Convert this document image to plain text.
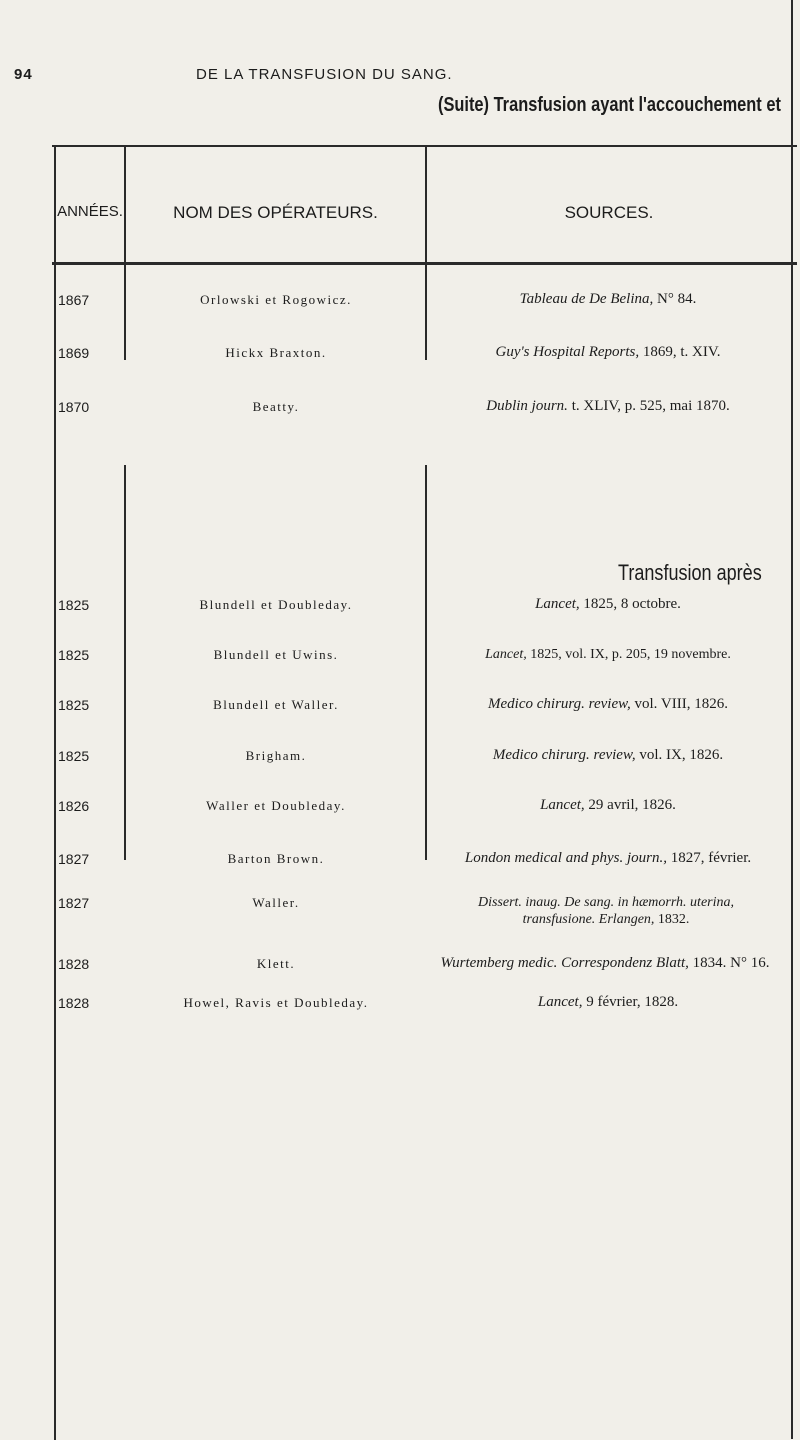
94	DE LA TRANSFUSION DU SANG.
(Suite) Transfusion ayant l'accouchement et
ANNÉES.	NOM DES OPÉRATEURS.	SOURCES.
1867	Orlowski et Rogowicz.	Tableau de De Belina, N° 84.
1869	Hickx Braxton.	Guy's Hospital Reports, 1869, t. XIV.
1870	Beatty.	Dublin journ. t. XLIV, p. 525, mai 1870.
Transfusion après
1825	Blundell et Doubleday.	Lancet, 1825, 8 octobre.
1825	Blundell et Uwins.	Lancet, 1825, vol. IX, p. 205, 19 novembre.
1825	Blundell et Waller.	Medico chirurg. review, vol. VIII, 1826.
1825	Brigham.	Medico chirurg. review, vol. IX, 1826.
1826	Waller et Doubleday.	Lancet, 29 avril, 1826.
1827	Barton Brown.	London medical and phys. journ., 1827, février.
1827	Waller.	Dissert. inaug. De sang. in hæmorrh. uterina, transfusione. Erlangen, 1832.
1828	Klett.	Wurtemberg medic. Correspondenz Blatt, 1834. N° 16.
1828	Howel, Ravis et Doubleday.	Lancet, 9 février, 1828.
